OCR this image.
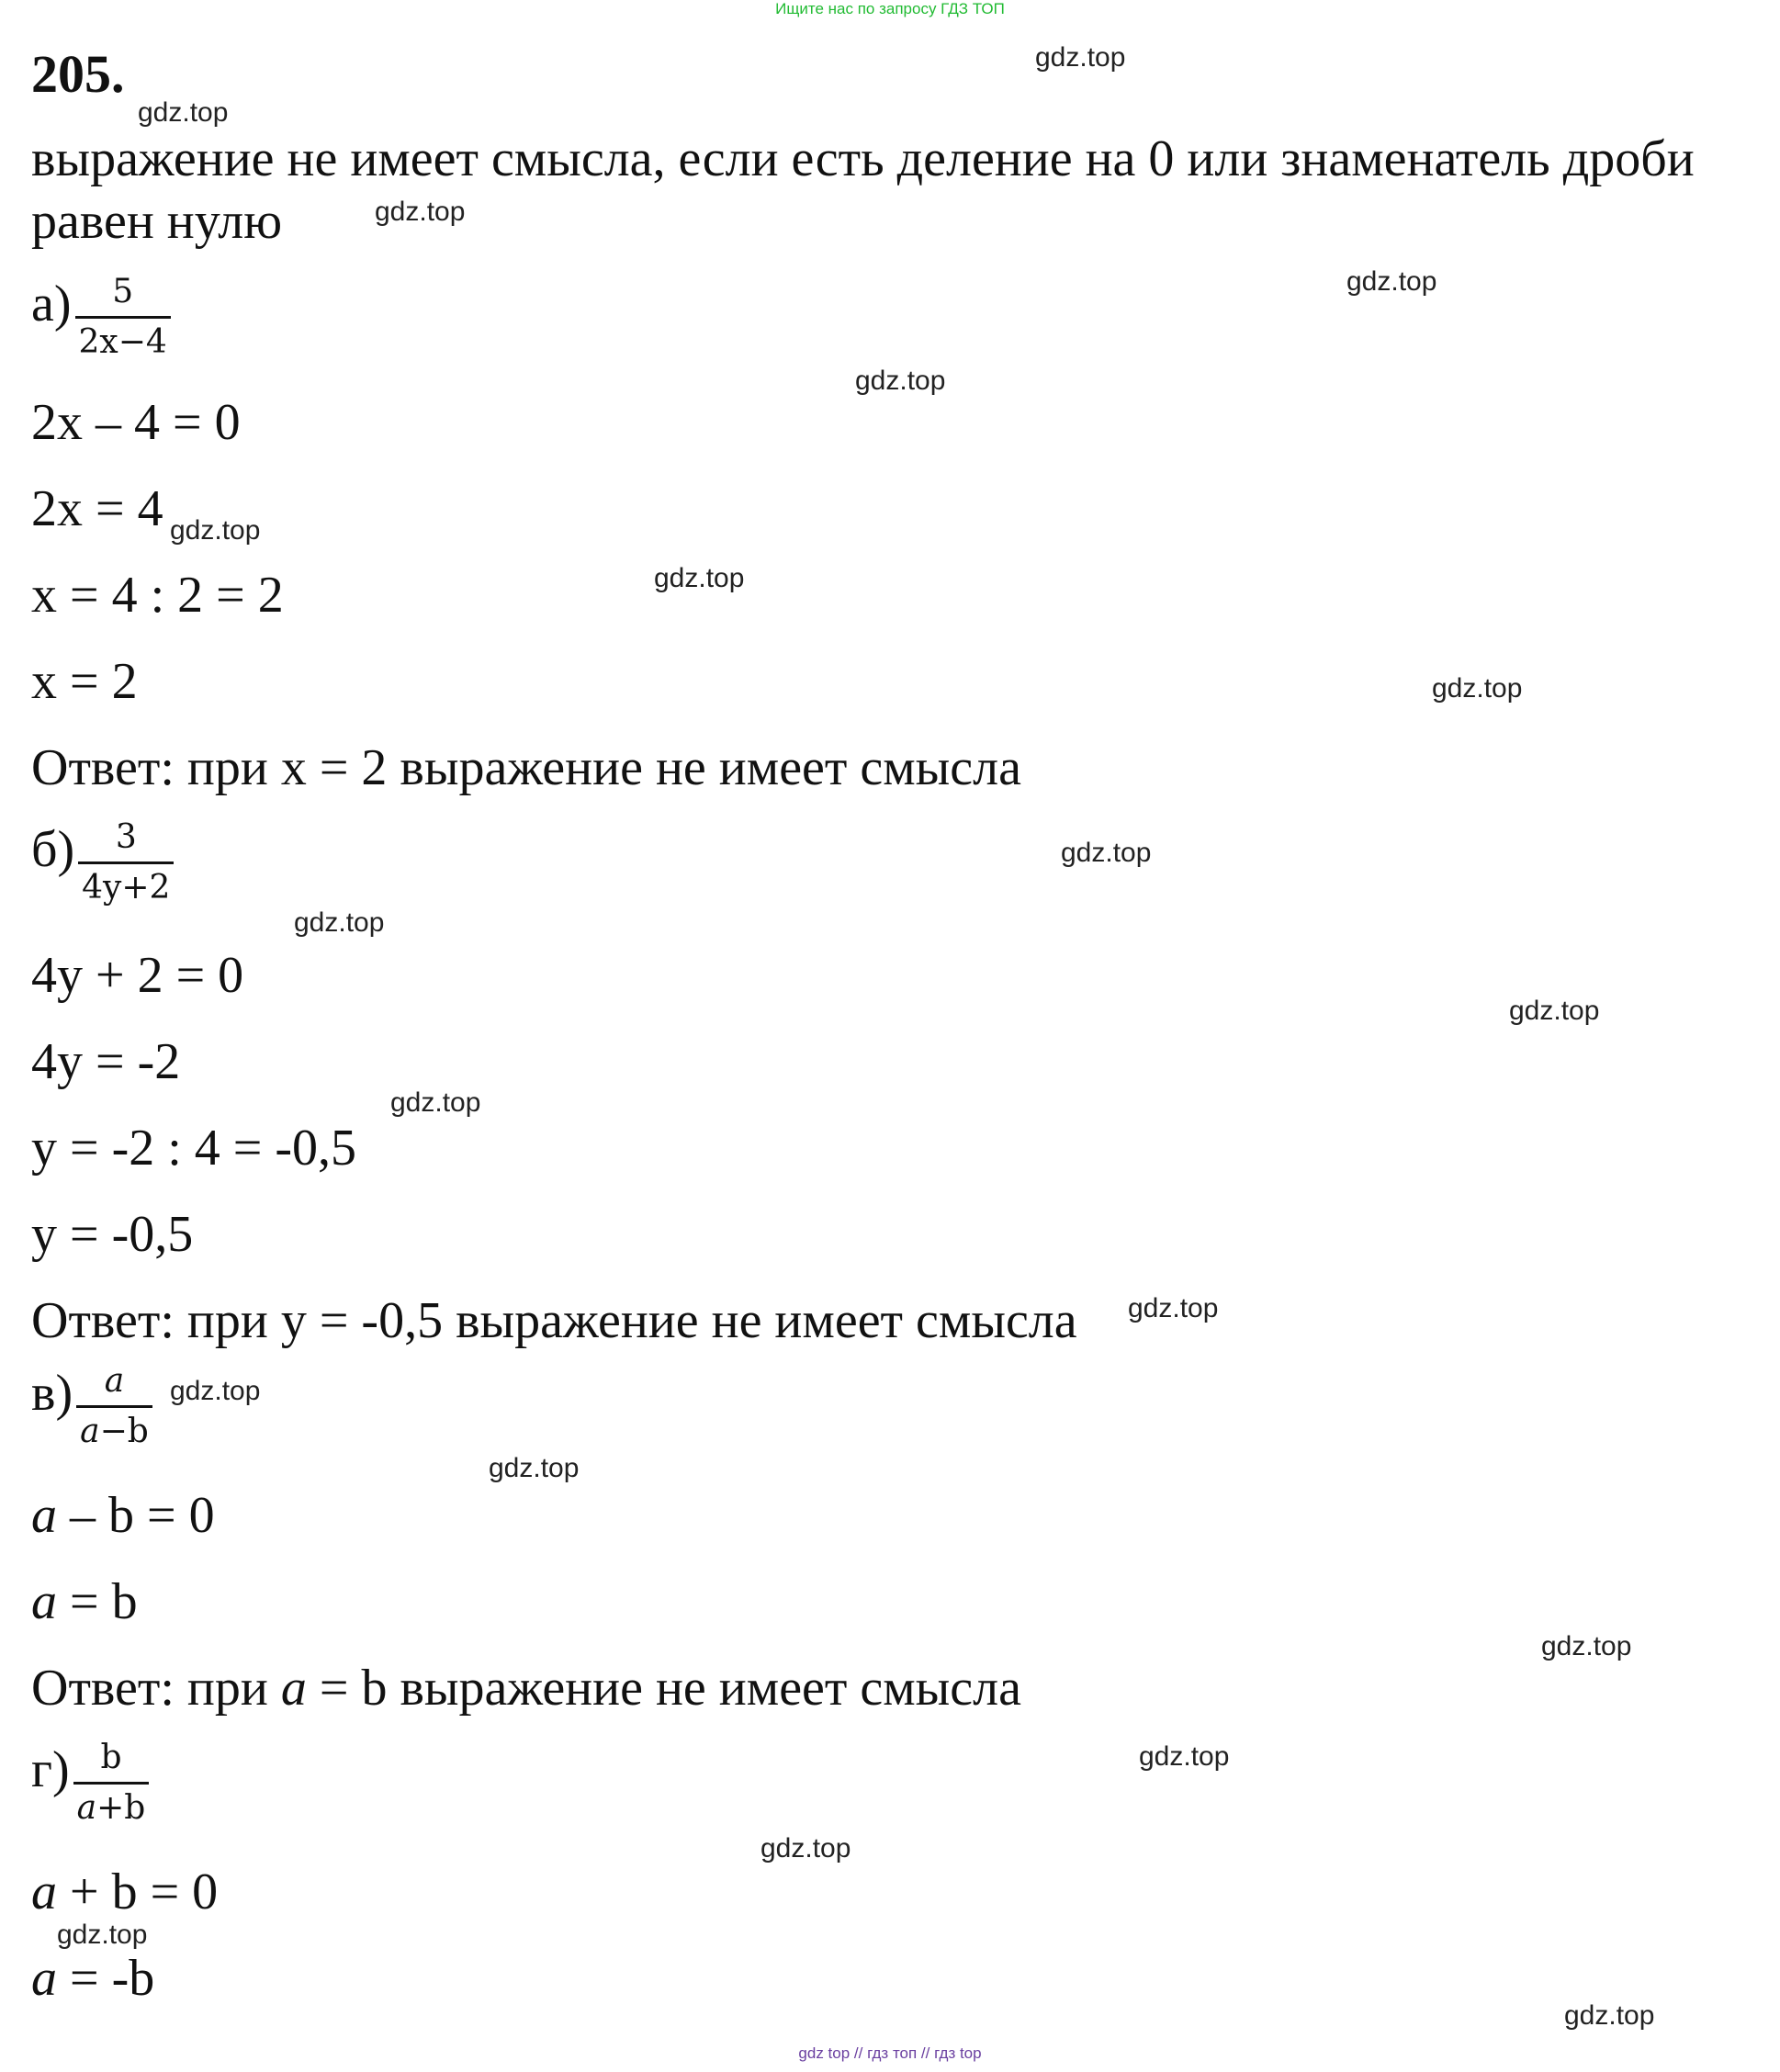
Ищите нас по запросу ГДЗ ТОП
205.
выражение не имеет смысла, если есть деление на 0 или знаменатель дроби
равен нулю
$а) \frac{5}{2x-4}$
2x – 4 = 0
2x = 4
x = 4 : 2 = 2
x = 2
Ответ: при x = 2 выражение не имеет смысла
$б) \frac{3}{4y+2}$
4y + 2 = 0
4y = -2
y = -2 : 4 = -0,5
y = -0,5
Ответ: при y = -0,5 выражение не имеет смысла
$в) \frac{a}{a-b}$
a – b = 0
a = b
Ответ: при a = b выражение не имеет смысла
$г) \frac{b}{a+b}$
a + b = 0
a = -b
gdz.top
gdz.top
gdz.top
gdz.top
gdz.top
gdz.top
gdz.top
gdz.top
gdz.top
gdz.top
gdz.top
gdz.top
gdz.top
gdz.top
gdz.top
gdz.top
gdz.top
gdz.top
gdz.top
gdz.top
gdz top // гдз топ // гдз top
